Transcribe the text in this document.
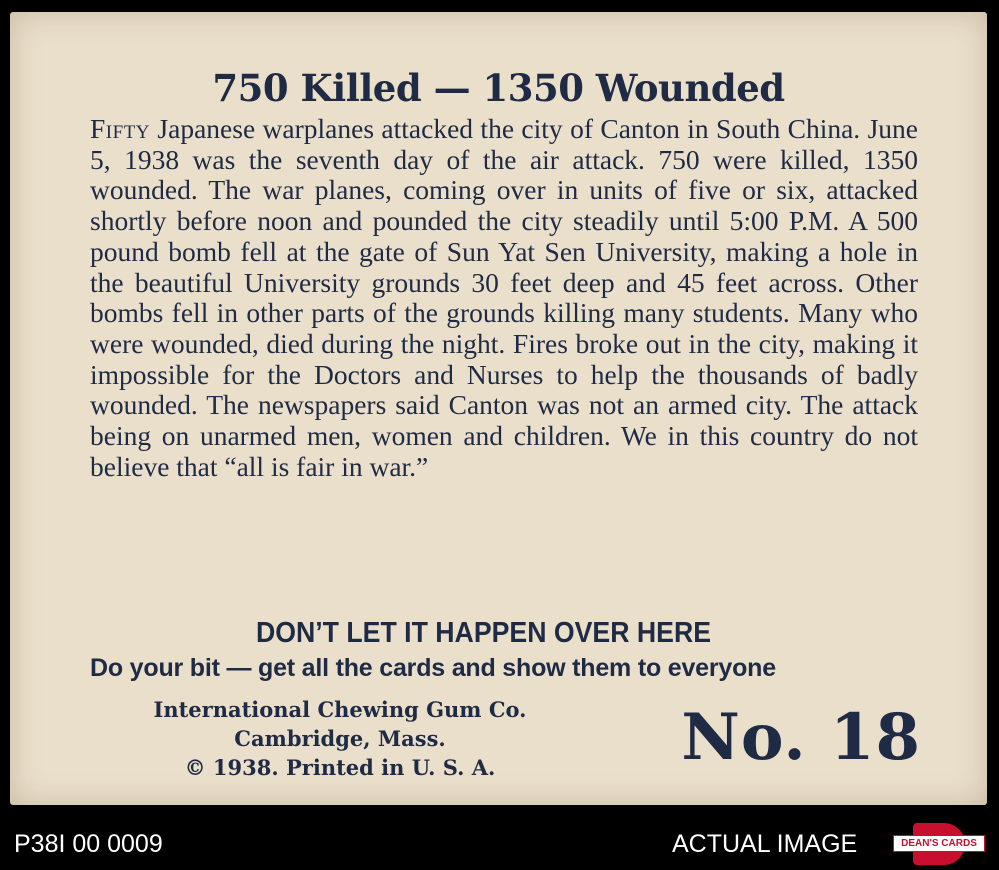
750 Killed — 1350 Wounded

Fifty Japanese warplanes attacked the city of Canton in South China. June 5, 1938 was the seventh day of the air attack. 750 were killed, 1350 wounded. The war planes, coming over in units of five or six, attacked shortly before noon and pounded the city steadily until 5:00 P.M. A 500 pound bomb fell at the gate of Sun Yat Sen University, making a hole in the beautiful University grounds 30 feet deep and 45 feet across. Other bombs fell in other parts of the grounds killing many students. Many who were wounded, died during the night. Fires broke out in the city, making it impossible for the Doctors and Nurses to help the thousands of badly wounded. The newspapers said Canton was not an armed city. The attack being on unarmed men, women and children. We in this country do not believe that “all is fair in war.”

DON’T LET IT HAPPEN OVER HERE
Do your bit — get all the cards and show them to everyone
International Chewing Gum Co.
Cambridge, Mass.
© 1938. Printed in U. S. A.	No. 18
P38I 00 0009	ACTUAL IMAGE	DEAN'S CARDS
